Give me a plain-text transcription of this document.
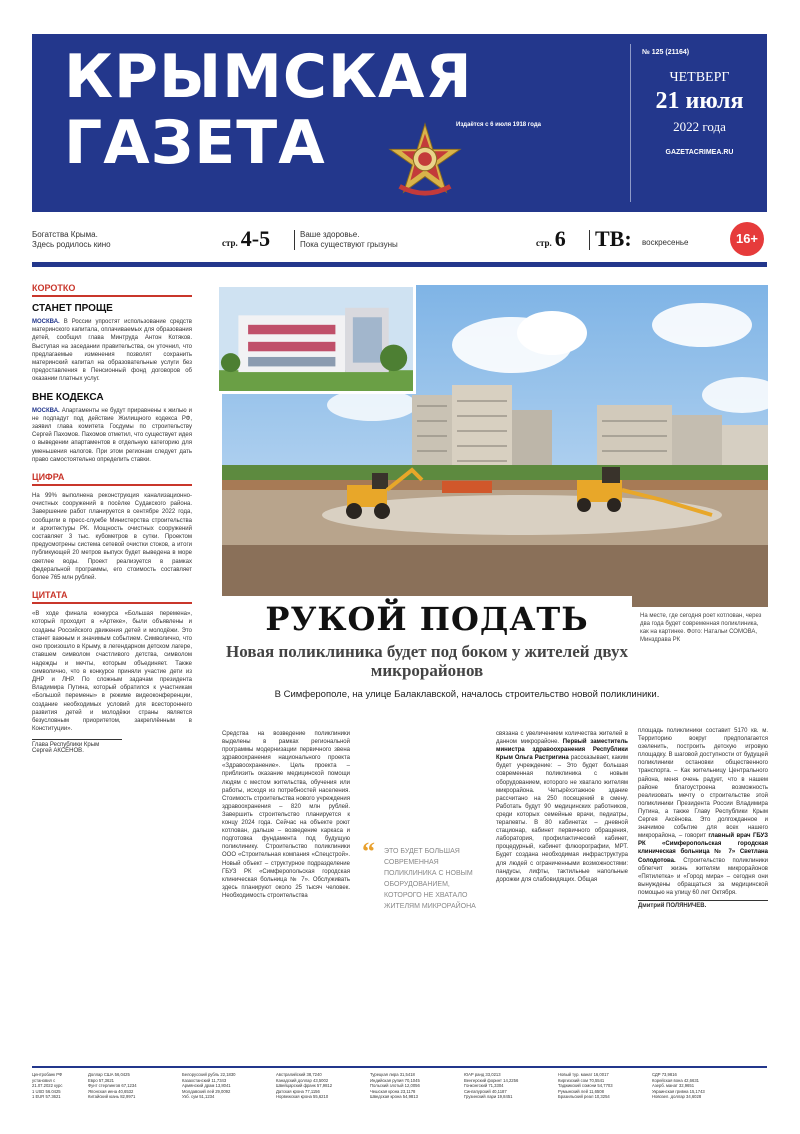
КРЫМСКАЯ
ГАЗЕТА	Издаётся с 6 июля 1918 года
№ 125 (21164)
ЧЕТВЕРГ
21 июля
2022 года
GAZETACRIMEA.RU
Богатства Крыма.
Здесь родилось кино	стр. 4-5	Ваше здоровье.
Пока существуют грызуны	стр. 6 ТВ: воскресенье	16+
КОРОТКО
СТАНЕТ ПРОЩЕ
МОСКВА. В России упростят использование средств материнского капитала, оплачиваемых для образования детей, сообщил глава Минтруда Антон Котяков. Выступая на заседании правительства, он уточнил, что предлагаемые изменения позволят сохранить материнский капитал на образовательные услуги без предоставления в Пенсионный фонд договоров об оказании платных услуг.
ВНЕ КОДЕКСА
МОСКВА. Апартаменты не будут приравнены к жилью и не подпадут под действие Жилищного кодекса РФ, заявил глава комитета Госдумы по строительству Сергей Пахомов. Пахомов отметил, что существует идея о выведении апартаментов в отдельную категорию для уменьшения налогов. При этом регионам следует дать право самостоятельно определить ставки.
ЦИФРА
На 99% выполнена реконструкция канализационно-очистных сооружений в посёлке Судакского района. Завершение работ планируется в сентябре 2022 года, сообщили в пресс-службе Министерства строительства и архитектуры РК. Мощность очистных сооружений составляет 3 тыс. кубометров в сутки. Проектом предусмотрены система сетевой очистки стоков, а итоги публикующей 20 метров выпуск будет выведена в море светлее воды. Проект реализуется в рамках федеральной программы, его стоимость составляет более 765 млн рублей.
ЦИТАТА
«В ходе финала конкурса «Большая перемена», который проходит в «Артеке», были объявлены и созданы Российского движения детей и молодёжи. Это станет важным и значимым событием. Символично, что оно произошло в Крыму, в легендарном детском лагере, ставшем символом счастливого детства, символом надежды и мечты, которым объединяет. Также символично, что в конкурсе приняли участие дети из ДНР и ЛНР. По сложным задачам президента Владимира Путина, который обратился к участникам «Большой перемены» в режиме видеоконференции, создание необходимых условий для всестороннего развития детей и молодёжи страны является безусловным приоритетом, закреплённым в Конституции».
Глава Республики Крым
Сергей АКСЁНОВ.
РУКОЙ ПОДАТЬ
Новая поликлиника будет под боком у жителей двух микрорайонов
На месте, где сегодня роет котлован, через два года будет современная поликлиника, как на картинке. Фото: Натальи СОМОВА, Минздрава РК
В Симферополе, на улице Балаклавской, началось строительство новой поликлиники.
Средства на возведение поликлиники выделены в рамках региональной программы модернизации первичного звена здравоохранения национального проекта «Здравоохранение». Цель проекта – приблизить оказание медицинской помощи людям с местом жительства, обучения или работы, исходя из потребностей населения. Стоимость строительства нового учреждения здравоохранения – 820 млн рублей. Завершить строительство планируется к концу 2024 года. Сейчас на объекте роют котлован, дальше – возведение каркаса и подготовка фундамента под будущую поликлинику. Строительство поликлиники ООО «Строительная компания «Спецстрой». Новый объект – структурное подразделение ГБУЗ РК «Симферопольская городская клиническая больница № 7». Обслуживать здесь планируют около 25 тысяч человек. Необходимость строительства
“	ЭТО БУДЕТ БОЛЬШАЯ СОВРЕМЕННАЯ ПОЛИКЛИНИКА С НОВЫМ ОБОРУДОВАНИЕМ, КОТОРОГО НЕ ХВАТАЛО ЖИТЕЛЯМ МИКРОРАЙОНА
связана с увеличением количества жителей в данном микрорайоне. Первый заместитель министра здравоохранения Республики Крым Ольга Растригина рассказывает, каким будет учреждение: – Это будет большая современная поликлиника с новым оборудованием, которого не хватало жителям микрорайона. Четырёхэтажное здание рассчитано на 250 посещений в смену. Работать будут 90 медицинских работников, среди которых семейные врачи, педиатры, терапевты. В 80 кабинетах – дневной стационар, кабинет первичного обращения, лаборатория, профилактический кабинет, процедурный, кабинет флюорографии, МРТ. Будет создана необходимая инфраструктура для людей с ограниченными возможностями: пандусы, лифты, тактильные напольные дорожки для слабовидящих. Общая
площадь поликлиники составит 5170 кв. м. Территорию вокруг предполагается озеленить, построить детскую игровую площадку. В шаговой доступности от будущей поликлиники остановки общественного транспорта. – Как жительницу Центрального района, меня очень радует, что в нашем районе благоустроена возможность реализовать мечту о строительстве этой поликлиники Президента России Владимира Путина, а также Главу Республики Крым Сергея Аксёнова. Это долгожданное и значимое событие для всех нашего микрорайона, – говорит главный врач ГБУЗ РК «Симферопольская городская клиническая больница № 7» Светлана Солодотова. Строительство поликлиники облегчит жизнь жителям микрорайонов «Пятилетка» и «Город мира» – сегодня они вынуждены обращаться за медицинской помощью на улицу 60 лет Октября.
Дмитрий ПОЛЯНИЧЕВ.
Центробанк РФ
установил с
21.07.2022 курс
1 USD 56.0425
1 EUR 57.3621
Доллар США 56,0425
Евро 57,3621
Фунт стерлингов 67,1234
Японская иена 40,6532
Китайский юань 82,9971
Белорусский рубль 22,1830
Казахстанский 11,7343
Армянский драм 13,8041
Молдавский лей 29,0092
Узб. сум 51,1234
Австралийский 38,7240
Канадский доллар 43,5002
Швейцарский франк 57,9812
Датская крона 77,1156
Норвежская крона 55,6210
Турецкая лира 31,5418
Индийская рупия 70,1045
Польский злотый 12,0056
Чешская крона 23,1178
Шведская крона 54,9813
ЮАР ранд 33,0213
Венгерский форинт 14,2256
Гонконгский 71,3304
Сингапурский 40,1187
Грузинский лари 19,8451
Новый тур. манат 16,0017
Киргизский сом 70,5541
Таджикский сомони 54,7703
Румынский лей 11,6508
Бразильский реал 10,3254
СДР 73,9816
Корейская вона 42,6631
Азерб. манат 32,9651
Украинская гривна 15,1743
Новозел. доллар 34,6028
